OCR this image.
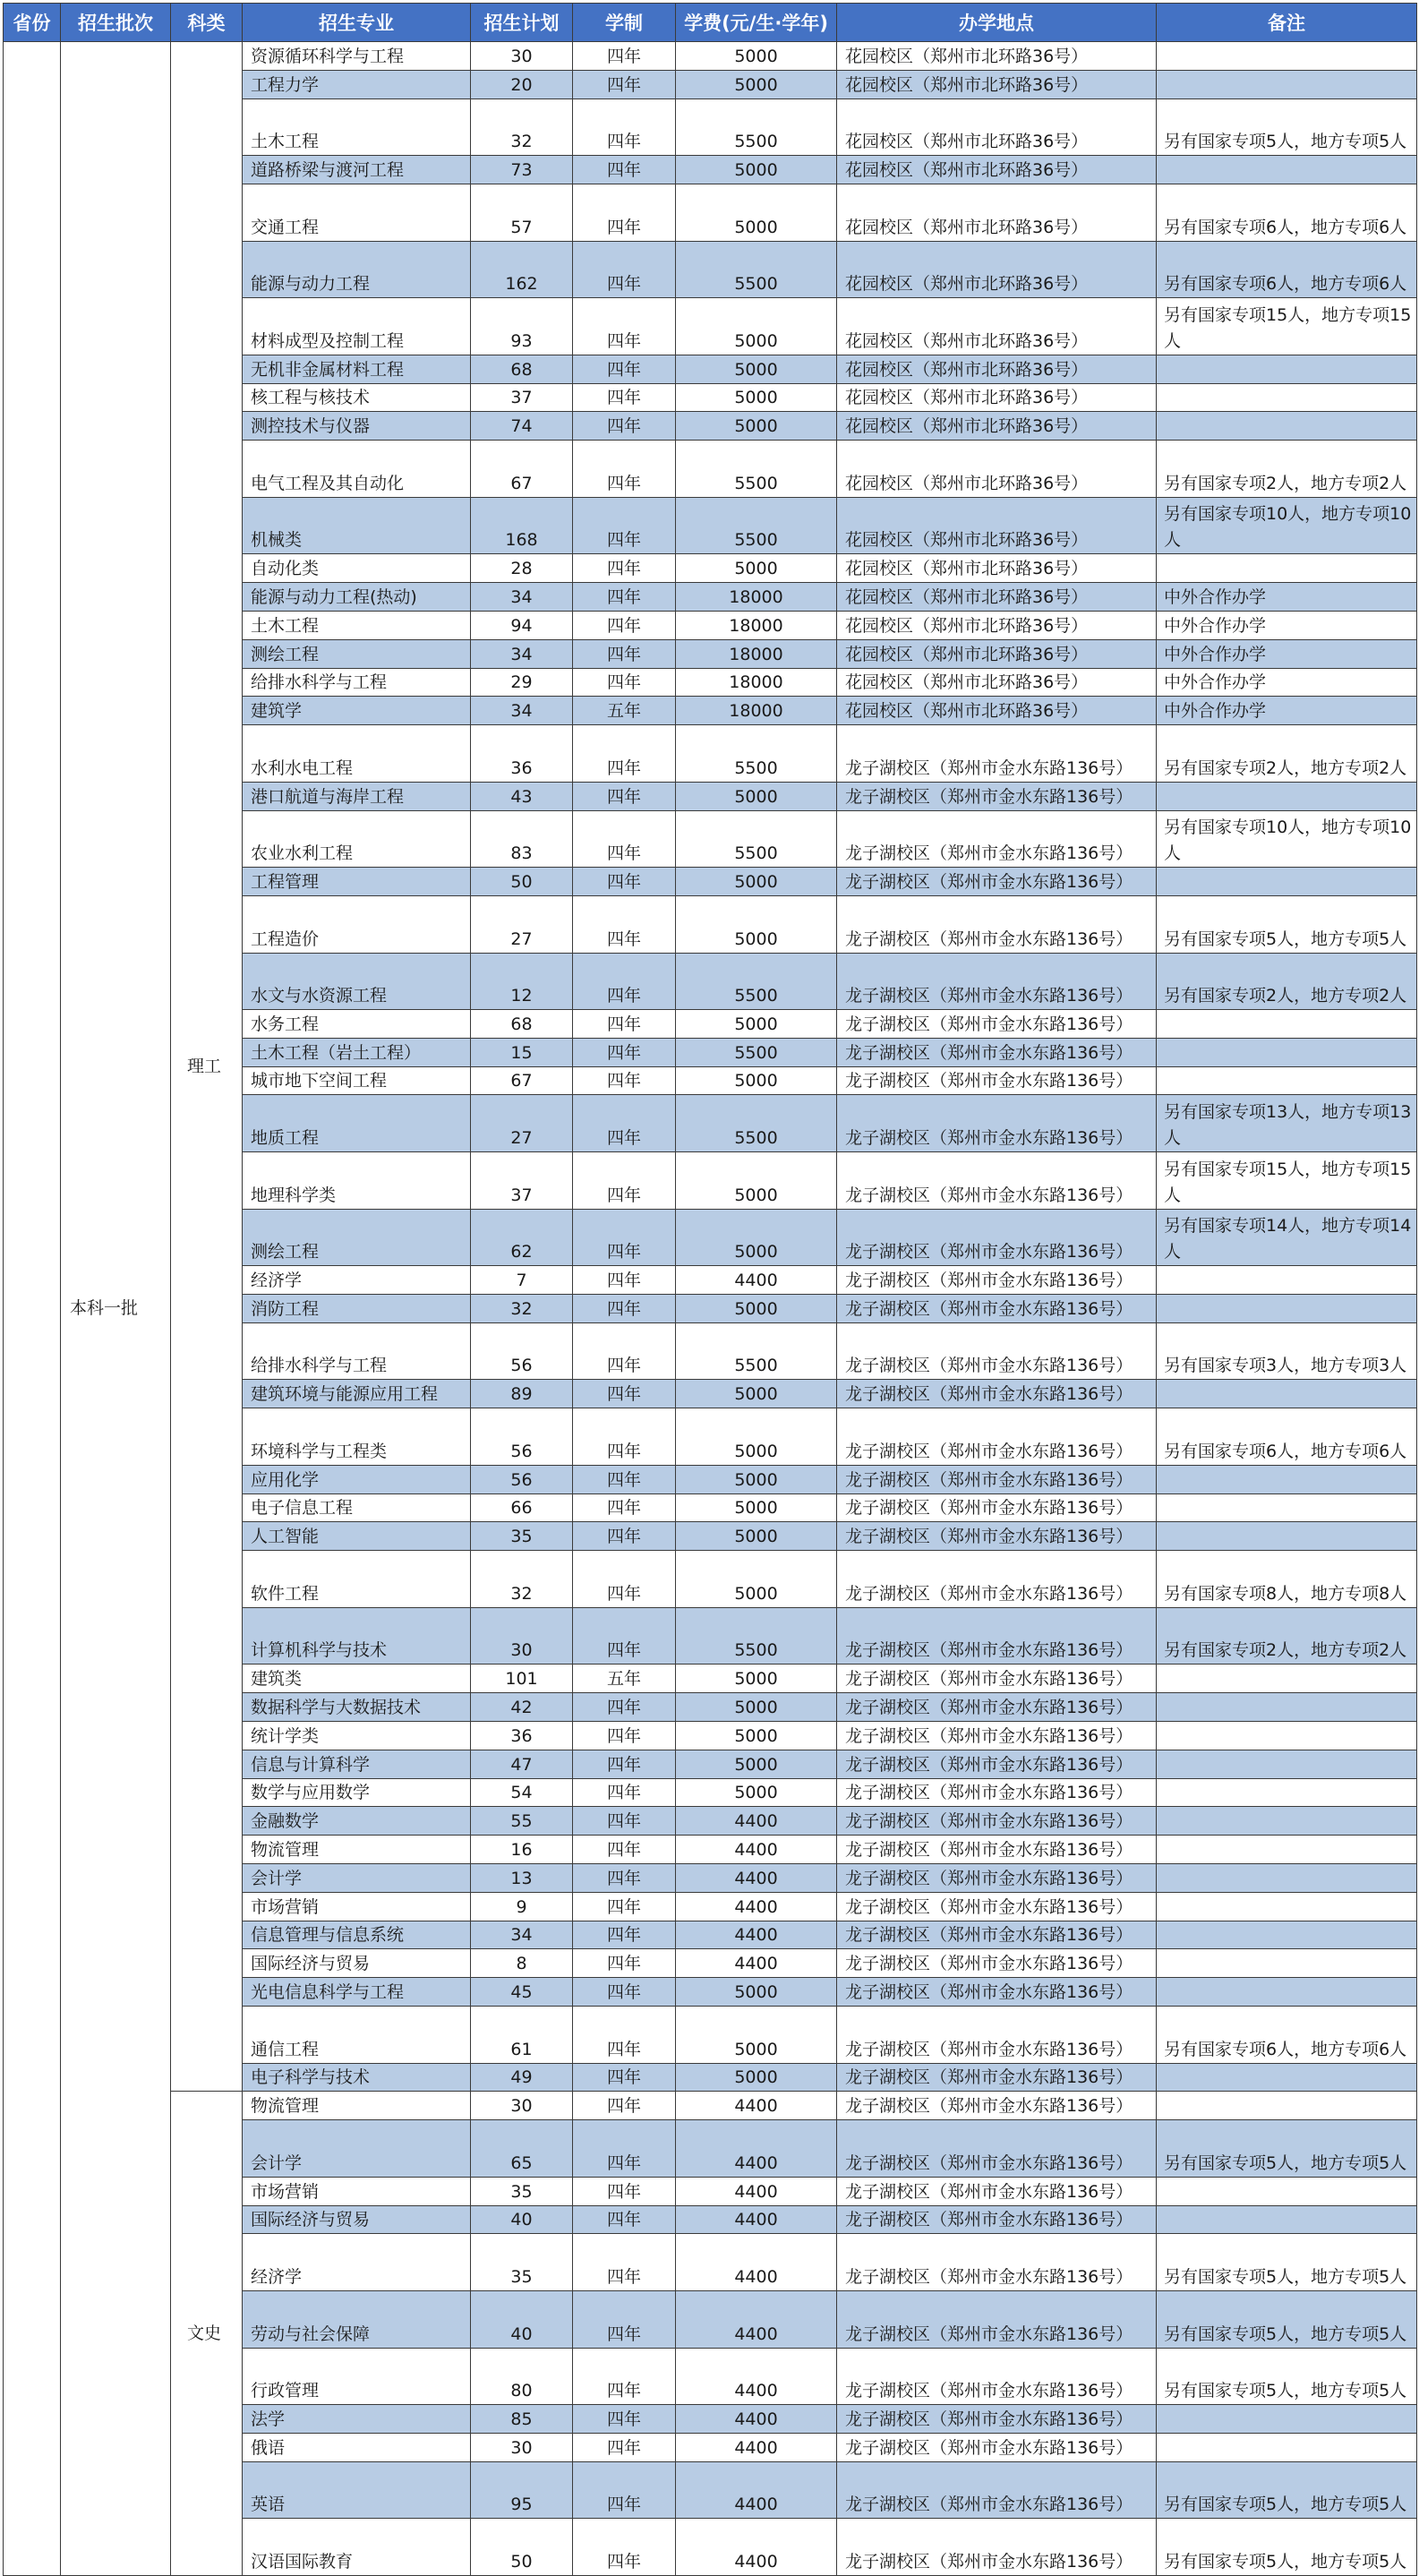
省份	招生批次	科类	招生专业	招生计划	学制	学费(元/生·学年)	办学地点	备注
	本科一批	理工	资源循环科学与工程	30	四年	5000	花园校区（郑州市北环路36号）	
			工程力学	20	四年	5000	花园校区（郑州市北环路36号）	
			土木工程	32	四年	5500	花园校区（郑州市北环路36号）	另有国家专项5人，地方专项5人
			道路桥梁与渡河工程	73	四年	5000	花园校区（郑州市北环路36号）	
			交通工程	57	四年	5000	花园校区（郑州市北环路36号）	另有国家专项6人，地方专项6人
			能源与动力工程	162	四年	5500	花园校区（郑州市北环路36号）	另有国家专项6人，地方专项6人
			材料成型及控制工程	93	四年	5000	花园校区（郑州市北环路36号）	另有国家专项15人，地方专项15人
			无机非金属材料工程	68	四年	5000	花园校区（郑州市北环路36号）	
			核工程与核技术	37	四年	5000	花园校区（郑州市北环路36号）	
			测控技术与仪器	74	四年	5000	花园校区（郑州市北环路36号）	
			电气工程及其自动化	67	四年	5500	花园校区（郑州市北环路36号）	另有国家专项2人，地方专项2人
			机械类	168	四年	5500	花园校区（郑州市北环路36号）	另有国家专项10人，地方专项10人
			自动化类	28	四年	5000	花园校区（郑州市北环路36号）	
			能源与动力工程(热动)	34	四年	18000	花园校区（郑州市北环路36号）	中外合作办学
			土木工程	94	四年	18000	花园校区（郑州市北环路36号）	中外合作办学
			测绘工程	34	四年	18000	花园校区（郑州市北环路36号）	中外合作办学
			给排水科学与工程	29	四年	18000	花园校区（郑州市北环路36号）	中外合作办学
			建筑学	34	五年	18000	花园校区（郑州市北环路36号）	中外合作办学
			水利水电工程	36	四年	5500	龙子湖校区（郑州市金水东路136号）	另有国家专项2人，地方专项2人
			港口航道与海岸工程	43	四年	5000	龙子湖校区（郑州市金水东路136号）	
			农业水利工程	83	四年	5500	龙子湖校区（郑州市金水东路136号）	另有国家专项10人，地方专项10人
			工程管理	50	四年	5000	龙子湖校区（郑州市金水东路136号）	
			工程造价	27	四年	5000	龙子湖校区（郑州市金水东路136号）	另有国家专项5人，地方专项5人
			水文与水资源工程	12	四年	5500	龙子湖校区（郑州市金水东路136号）	另有国家专项2人，地方专项2人
			水务工程	68	四年	5000	龙子湖校区（郑州市金水东路136号）	
			土木工程（岩土工程）	15	四年	5500	龙子湖校区（郑州市金水东路136号）	
			城市地下空间工程	67	四年	5000	龙子湖校区（郑州市金水东路136号）	
			地质工程	27	四年	5500	龙子湖校区（郑州市金水东路136号）	另有国家专项13人，地方专项13人
			地理科学类	37	四年	5000	龙子湖校区（郑州市金水东路136号）	另有国家专项15人，地方专项15人
			测绘工程	62	四年	5000	龙子湖校区（郑州市金水东路136号）	另有国家专项14人，地方专项14人
			经济学	7	四年	4400	龙子湖校区（郑州市金水东路136号）	
			消防工程	32	四年	5000	龙子湖校区（郑州市金水东路136号）	
			给排水科学与工程	56	四年	5500	龙子湖校区（郑州市金水东路136号）	另有国家专项3人，地方专项3人
			建筑环境与能源应用工程	89	四年	5000	龙子湖校区（郑州市金水东路136号）	
			环境科学与工程类	56	四年	5000	龙子湖校区（郑州市金水东路136号）	另有国家专项6人，地方专项6人
			应用化学	56	四年	5000	龙子湖校区（郑州市金水东路136号）	
			电子信息工程	66	四年	5000	龙子湖校区（郑州市金水东路136号）	
			人工智能	35	四年	5000	龙子湖校区（郑州市金水东路136号）	
			软件工程	32	四年	5000	龙子湖校区（郑州市金水东路136号）	另有国家专项8人，地方专项8人
			计算机科学与技术	30	四年	5500	龙子湖校区（郑州市金水东路136号）	另有国家专项2人，地方专项2人
			建筑类	101	五年	5000	龙子湖校区（郑州市金水东路136号）	
			数据科学与大数据技术	42	四年	5000	龙子湖校区（郑州市金水东路136号）	
			统计学类	36	四年	5000	龙子湖校区（郑州市金水东路136号）	
			信息与计算科学	47	四年	5000	龙子湖校区（郑州市金水东路136号）	
			数学与应用数学	54	四年	5000	龙子湖校区（郑州市金水东路136号）	
			金融数学	55	四年	4400	龙子湖校区（郑州市金水东路136号）	
			物流管理	16	四年	4400	龙子湖校区（郑州市金水东路136号）	
			会计学	13	四年	4400	龙子湖校区（郑州市金水东路136号）	
			市场营销	9	四年	4400	龙子湖校区（郑州市金水东路136号）	
			信息管理与信息系统	34	四年	4400	龙子湖校区（郑州市金水东路136号）	
			国际经济与贸易	8	四年	4400	龙子湖校区（郑州市金水东路136号）	
			光电信息科学与工程	45	四年	5000	龙子湖校区（郑州市金水东路136号）	
			通信工程	61	四年	5000	龙子湖校区（郑州市金水东路136号）	另有国家专项6人，地方专项6人
			电子科学与技术	49	四年	5000	龙子湖校区（郑州市金水东路136号）	
		文史	物流管理	30	四年	4400	龙子湖校区（郑州市金水东路136号）	
			会计学	65	四年	4400	龙子湖校区（郑州市金水东路136号）	另有国家专项5人，地方专项5人
			市场营销	35	四年	4400	龙子湖校区（郑州市金水东路136号）	
			国际经济与贸易	40	四年	4400	龙子湖校区（郑州市金水东路136号）	
			经济学	35	四年	4400	龙子湖校区（郑州市金水东路136号）	另有国家专项5人，地方专项5人
			劳动与社会保障	40	四年	4400	龙子湖校区（郑州市金水东路136号）	另有国家专项5人，地方专项5人
			行政管理	80	四年	4400	龙子湖校区（郑州市金水东路136号）	另有国家专项5人，地方专项5人
			法学	85	四年	4400	龙子湖校区（郑州市金水东路136号）	
			俄语	30	四年	4400	龙子湖校区（郑州市金水东路136号）	
			英语	95	四年	4400	龙子湖校区（郑州市金水东路136号）	另有国家专项5人，地方专项5人
			汉语国际教育	50	四年	4400	龙子湖校区（郑州市金水东路136号）	另有国家专项5人，地方专项5人
